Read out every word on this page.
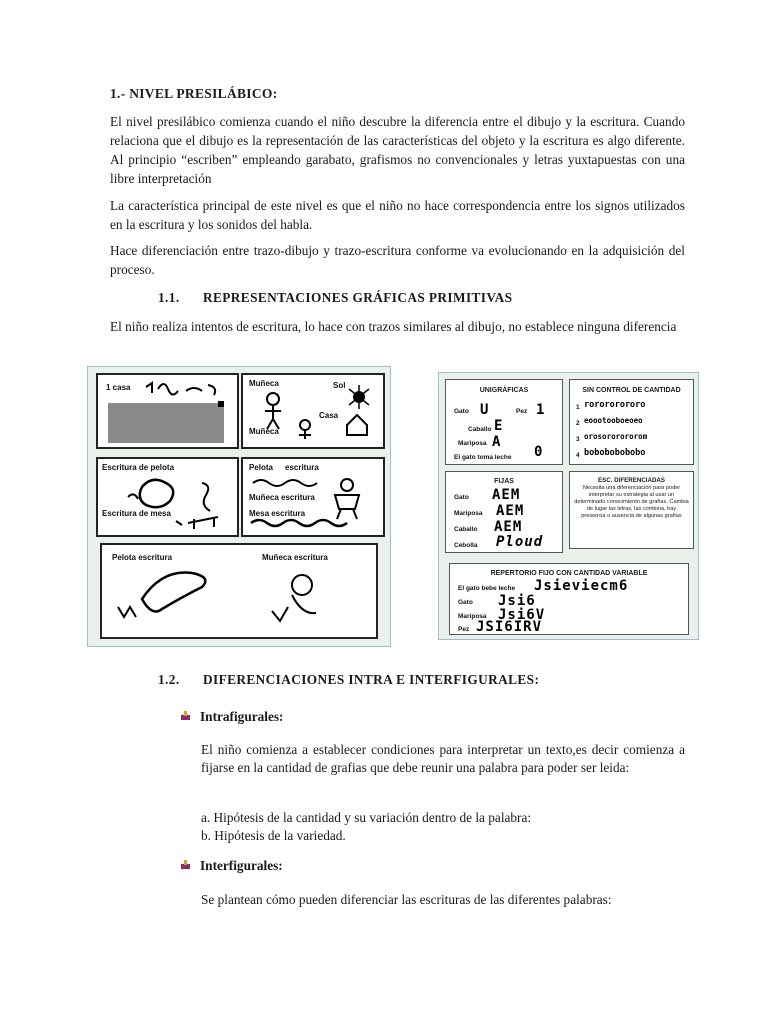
1.- NIVEL PRESILÁBICO:
El nivel presilábico comienza cuando el niño descubre la diferencia entre el dibujo y la escritura. Cuando relaciona que el dibujo es la representación de las características del objeto y la escritura es algo diferente. Al principio “escriben” empleando garabato, grafismos no convencionales y letras yuxtapuestas con una libre interpretación
La característica principal de este nivel es que el niño no hace correspondencia entre los signos utilizados en la escritura y los sonidos del habla.
Hace diferenciación entre trazo-dibujo y trazo-escritura conforme va evolucionando en la adquisición del proceso.
1.1. REPRESENTACIONES GRÁFICAS PRIMITIVAS
El niño realiza intentos de escritura, lo hace con trazos similares al dibujo, no establece ninguna diferencia
1 casa	Muñeca	Sol
Casa
Muñeca
Escritura de pelota
Escritura de mesa
Pelota escritura
Muñeca escritura
Mesa escritura
Pelota escritura	Muñeca escritura
UNIGRÁFICAS
Gato U	Pez 1
Caballo E
Mariposa A
El gato toma leche 0
SIN CONTROL DE CANTIDAD
1 rorororororo
2 eoootooboeoeo
3 orosororororom
4 bobobobobobo
FIJAS
Gato AEM
Mariposa AEM
Caballo AEM
Cebolla Ploud
ESC. DIFERENCIADAS
Necesita una diferenciación para poder interpretar su estrategia al usar un determinado conocimiento de grafías. Cambia de lugar las letras, las combina, hay presencia o ausencia de algunas grafías
REPERTORIO FIJO CON CANTIDAD VARIABLE
El gato bebe leche Jsieviecm6
Gato Jsi6
Mariposa Jsi6V
Pez JSI6IRV
1.2. DIFERENCIACIONES INTRA E INTERFIGURALES:
Intrafigurales:
El niño comienza a establecer condiciones para interpretar un texto,es decir comienza a fijarse en la cantidad de grafias que debe reunir una palabra para poder ser leida:
a. Hipótesis de la cantidad y su variación dentro de la palabra:
b. Hipótesis de la variedad.
Interfigurales:
Se plantean cómo pueden diferenciar las escrituras de las diferentes palabras:
